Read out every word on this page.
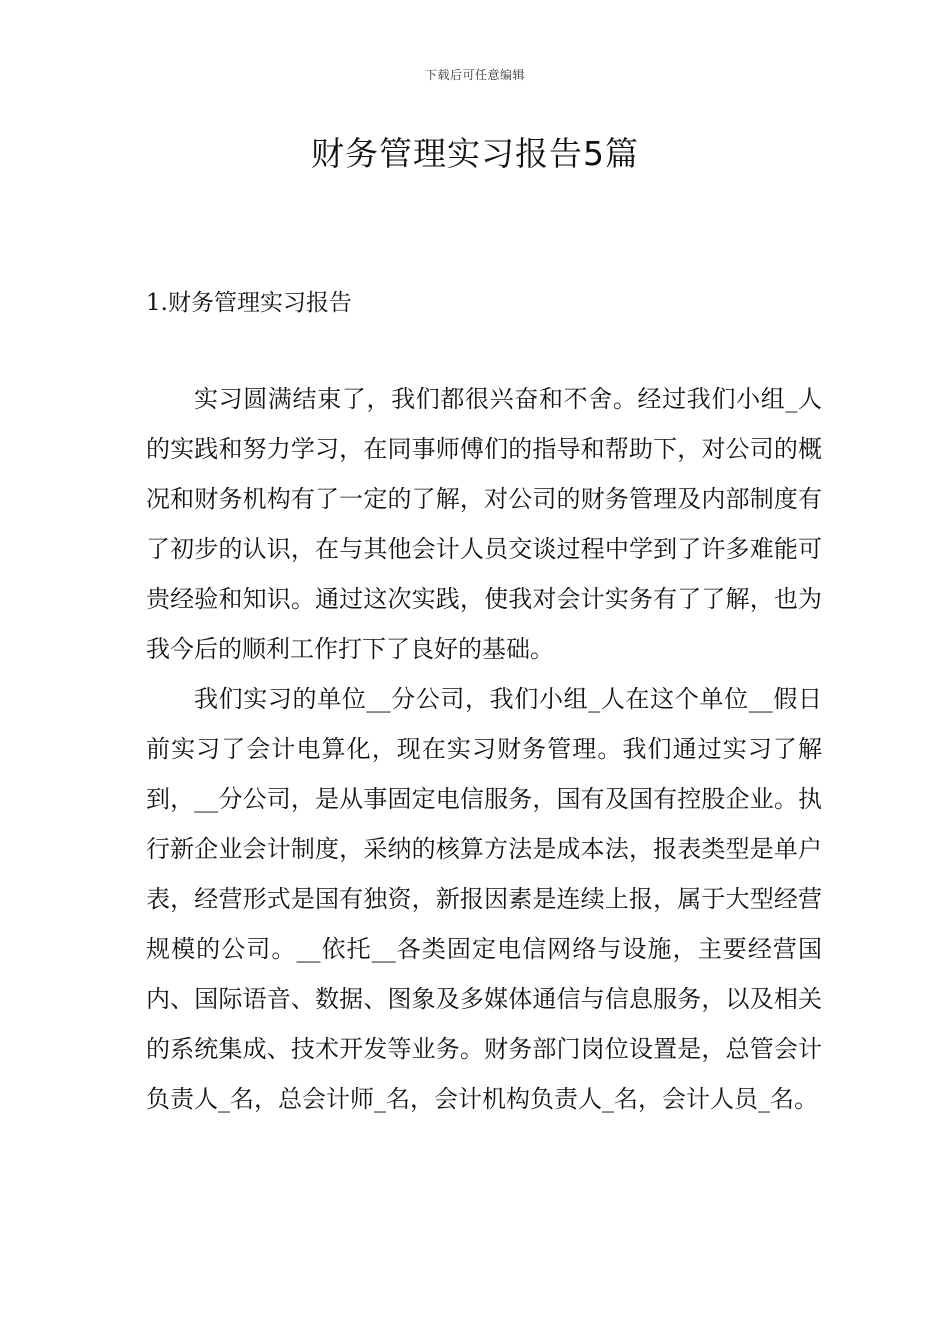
下载后可任意编辑
财务管理实习报告5篇
1.财务管理实习报告

实习圆满结束了，我们都很兴奋和不舍。经过我们小组_人的实践和努力学习，在同事师傅们的指导和帮助下，对公司的概况和财务机构有了一定的了解，对公司的财务管理及内部制度有了初步的认识，在与其他会计人员交谈过程中学到了许多难能可贵经验和知识。通过这次实践，使我对会计实务有了了解，也为我今后的顺利工作打下了良好的基础。

我们实习的单位__分公司，我们小组_人在这个单位__假日前实习了会计电算化，现在实习财务管理。我们通过实习了解到，__分公司，是从事固定电信服务，国有及国有控股企业。执行新企业会计制度，采纳的核算方法是成本法，报表类型是单户表，经营形式是国有独资，新报因素是连续上报，属于大型经营规模的公司。__依托__各类固定电信网络与设施，主要经营国内、国际语音、数据、图象及多媒体通信与信息服务，以及相关的系统集成、技术开发等业务。财务部门岗位设置是，总管会计负责人_名，总会计师_名，会计机构负责人_名，会计人员_名。
